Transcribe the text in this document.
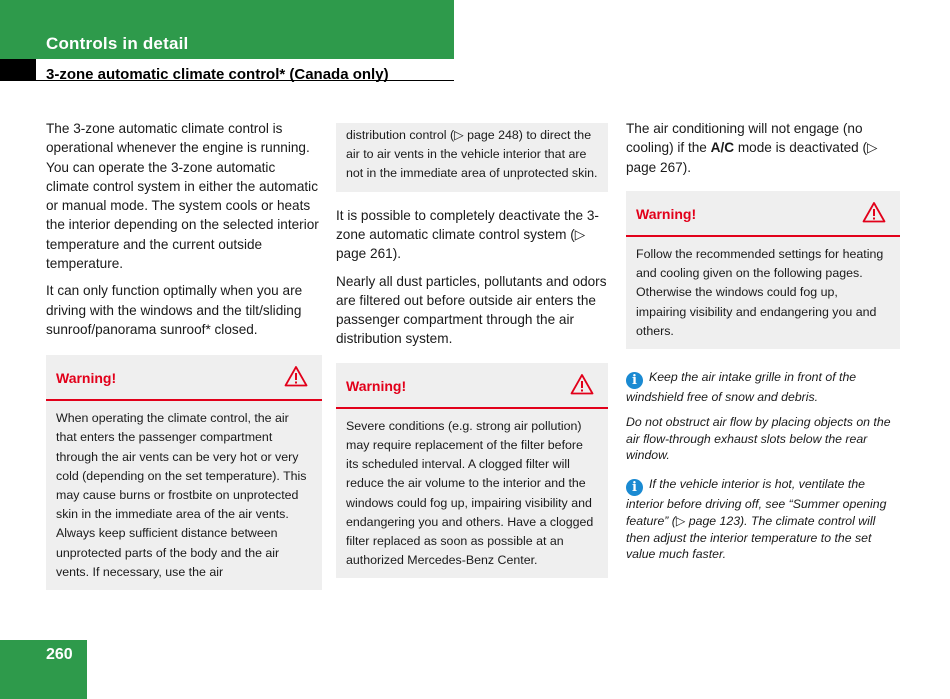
Controls in detail
3-zone automatic climate control* (Canada only)

The 3-zone automatic climate control is operational whenever the engine is running. You can operate the 3-zone automatic climate control system in either the automatic or manual mode. The system cools or heats the interior depending on the selected interior temperature and the current outside temperature.

It can only function optimally when you are driving with the windows and the tilt/sliding sunroof/panorama sunroof* closed.

Warning!
When operating the climate control, the air that enters the passenger compartment through the air vents can be very hot or very cold (depending on the set temperature). This may cause burns or frostbite on unprotected skin in the immediate area of the air vents. Always keep sufficient distance between unprotected parts of the body and the air vents. If necessary, use the air
distribution control (▷ page 248) to direct the air to air vents in the vehicle interior that are not in the immediate area of unprotected skin.

It is possible to completely deactivate the 3-zone automatic climate control system (▷ page 261).

Nearly all dust particles, pollutants and odors are filtered out before outside air enters the passenger compartment through the air distribution system.

Warning!
Severe conditions (e.g. strong air pollution) may require replacement of the filter before its scheduled interval. A clogged filter will reduce the air volume to the interior and the windows could fog up, impairing visibility and endangering you and others. Have a clogged filter replaced as soon as possible at an authorized Mercedes-Benz Center.

The air conditioning will not engage (no cooling) if the A/C mode is deactivated (▷ page 267).

Warning!
Follow the recommended settings for heating and cooling given on the following pages. Otherwise the windows could fog up, impairing visibility and endangering you and others.

i Keep the air intake grille in front of the windshield free of snow and debris.

Do not obstruct air flow by placing objects on the air flow-through exhaust slots below the rear window.

i If the vehicle interior is hot, ventilate the interior before driving off, see “Summer opening feature” (▷ page 123). The climate control will then adjust the interior temperature to the set value much faster.

260
